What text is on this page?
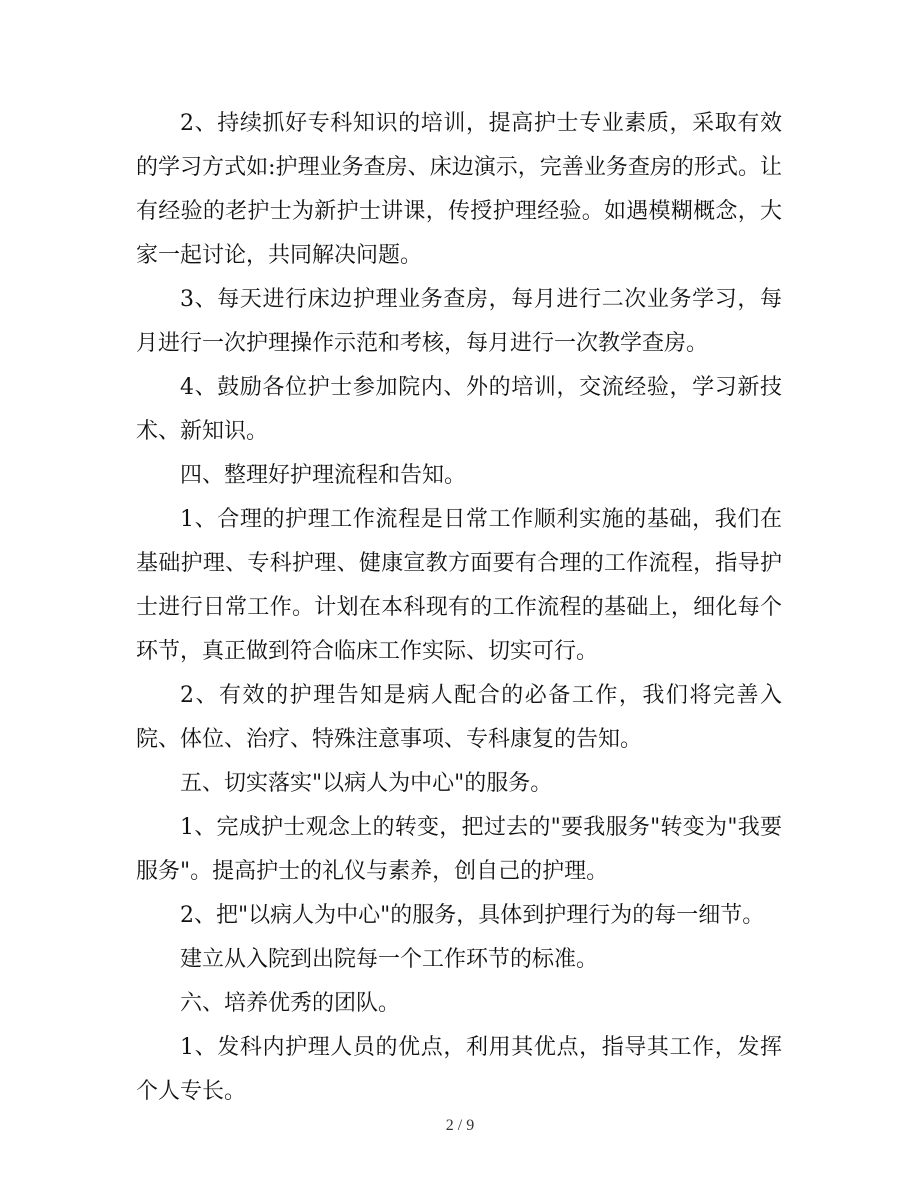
2、持续抓好专科知识的培训，提高护士专业素质，采取有效的学习方式如:护理业务查房、床边演示，完善业务查房的形式。让有经验的老护士为新护士讲课，传授护理经验。如遇模糊概念，大家一起讨论，共同解决问题。

3、每天进行床边护理业务查房，每月进行二次业务学习，每月进行一次护理操作示范和考核，每月进行一次教学查房。

4、鼓励各位护士参加院内、外的培训，交流经验，学习新技术、新知识。

四、整理好护理流程和告知。

1、合理的护理工作流程是日常工作顺利实施的基础，我们在基础护理、专科护理、健康宣教方面要有合理的工作流程，指导护士进行日常工作。计划在本科现有的工作流程的基础上，细化每个环节，真正做到符合临床工作实际、切实可行。

2、有效的护理告知是病人配合的必备工作，我们将完善入院、体位、治疗、特殊注意事项、专科康复的告知。

五、切实落实"以病人为中心"的服务。

1、完成护士观念上的转变，把过去的"要我服务"转变为"我要服务"。提高护士的礼仪与素养，创自己的护理。

2、把"以病人为中心"的服务，具体到护理行为的每一细节。

建立从入院到出院每一个工作环节的标准。

六、培养优秀的团队。

1、发科内护理人员的优点，利用其优点，指导其工作，发挥个人专长。

2 / 9
